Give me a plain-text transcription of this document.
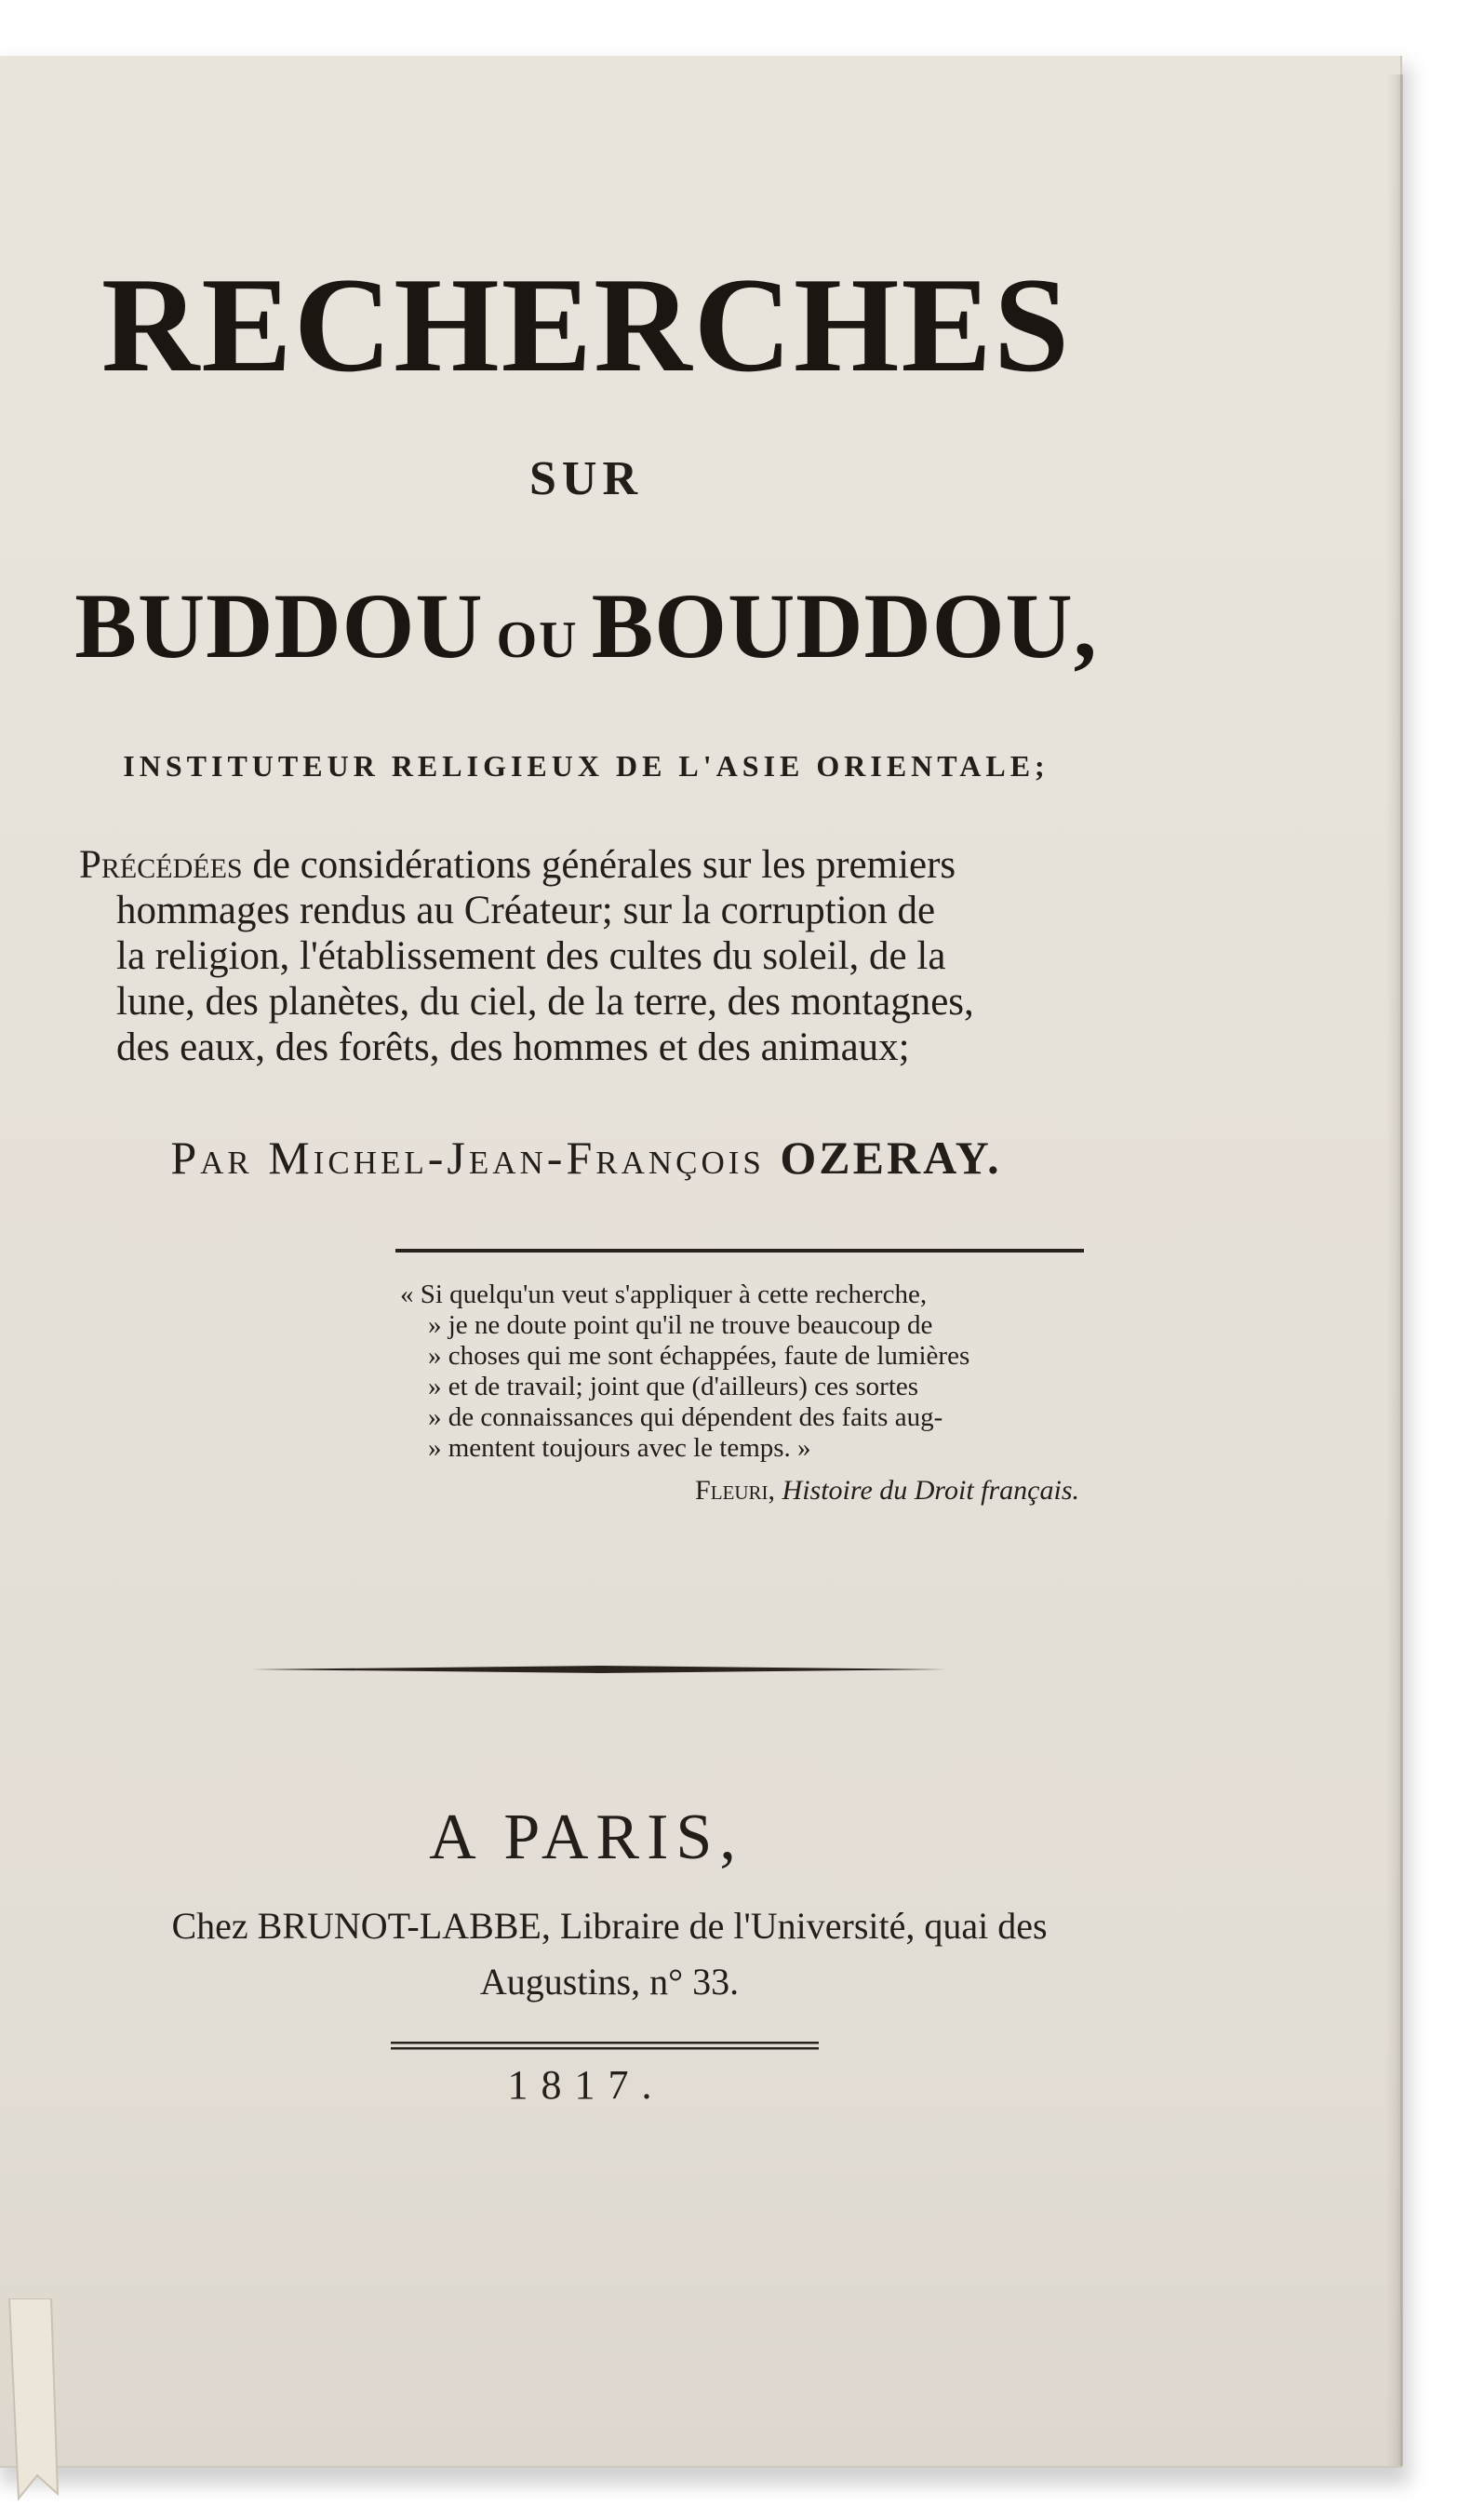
RECHERCHES
SUR
BUDDOU OU BOUDDOU,
INSTITUTEUR RELIGIEUX DE L'ASIE ORIENTALE;
Précédées de considérations générales sur les premiers
hommages rendus au Créateur; sur la corruption de
la religion, l'établissement des cultes du soleil, de la
lune, des planètes, du ciel, de la terre, des montagnes,
des eaux, des forêts, des hommes et des animaux;
Par Michel-Jean-François OZERAY.
« Si quelqu'un veut s'appliquer à cette recherche,
» je ne doute point qu'il ne trouve beaucoup de
» choses qui me sont échappées, faute de lumières
» et de travail; joint que (d'ailleurs) ces sortes
» de connaissances qui dépendent des faits aug-
» mentent toujours avec le temps. »
Fleuri, Histoire du Droit français.
A PARIS,
Chez BRUNOT-LABBE, Libraire de l'Université, quai des
Augustins, n° 33.
1817.
